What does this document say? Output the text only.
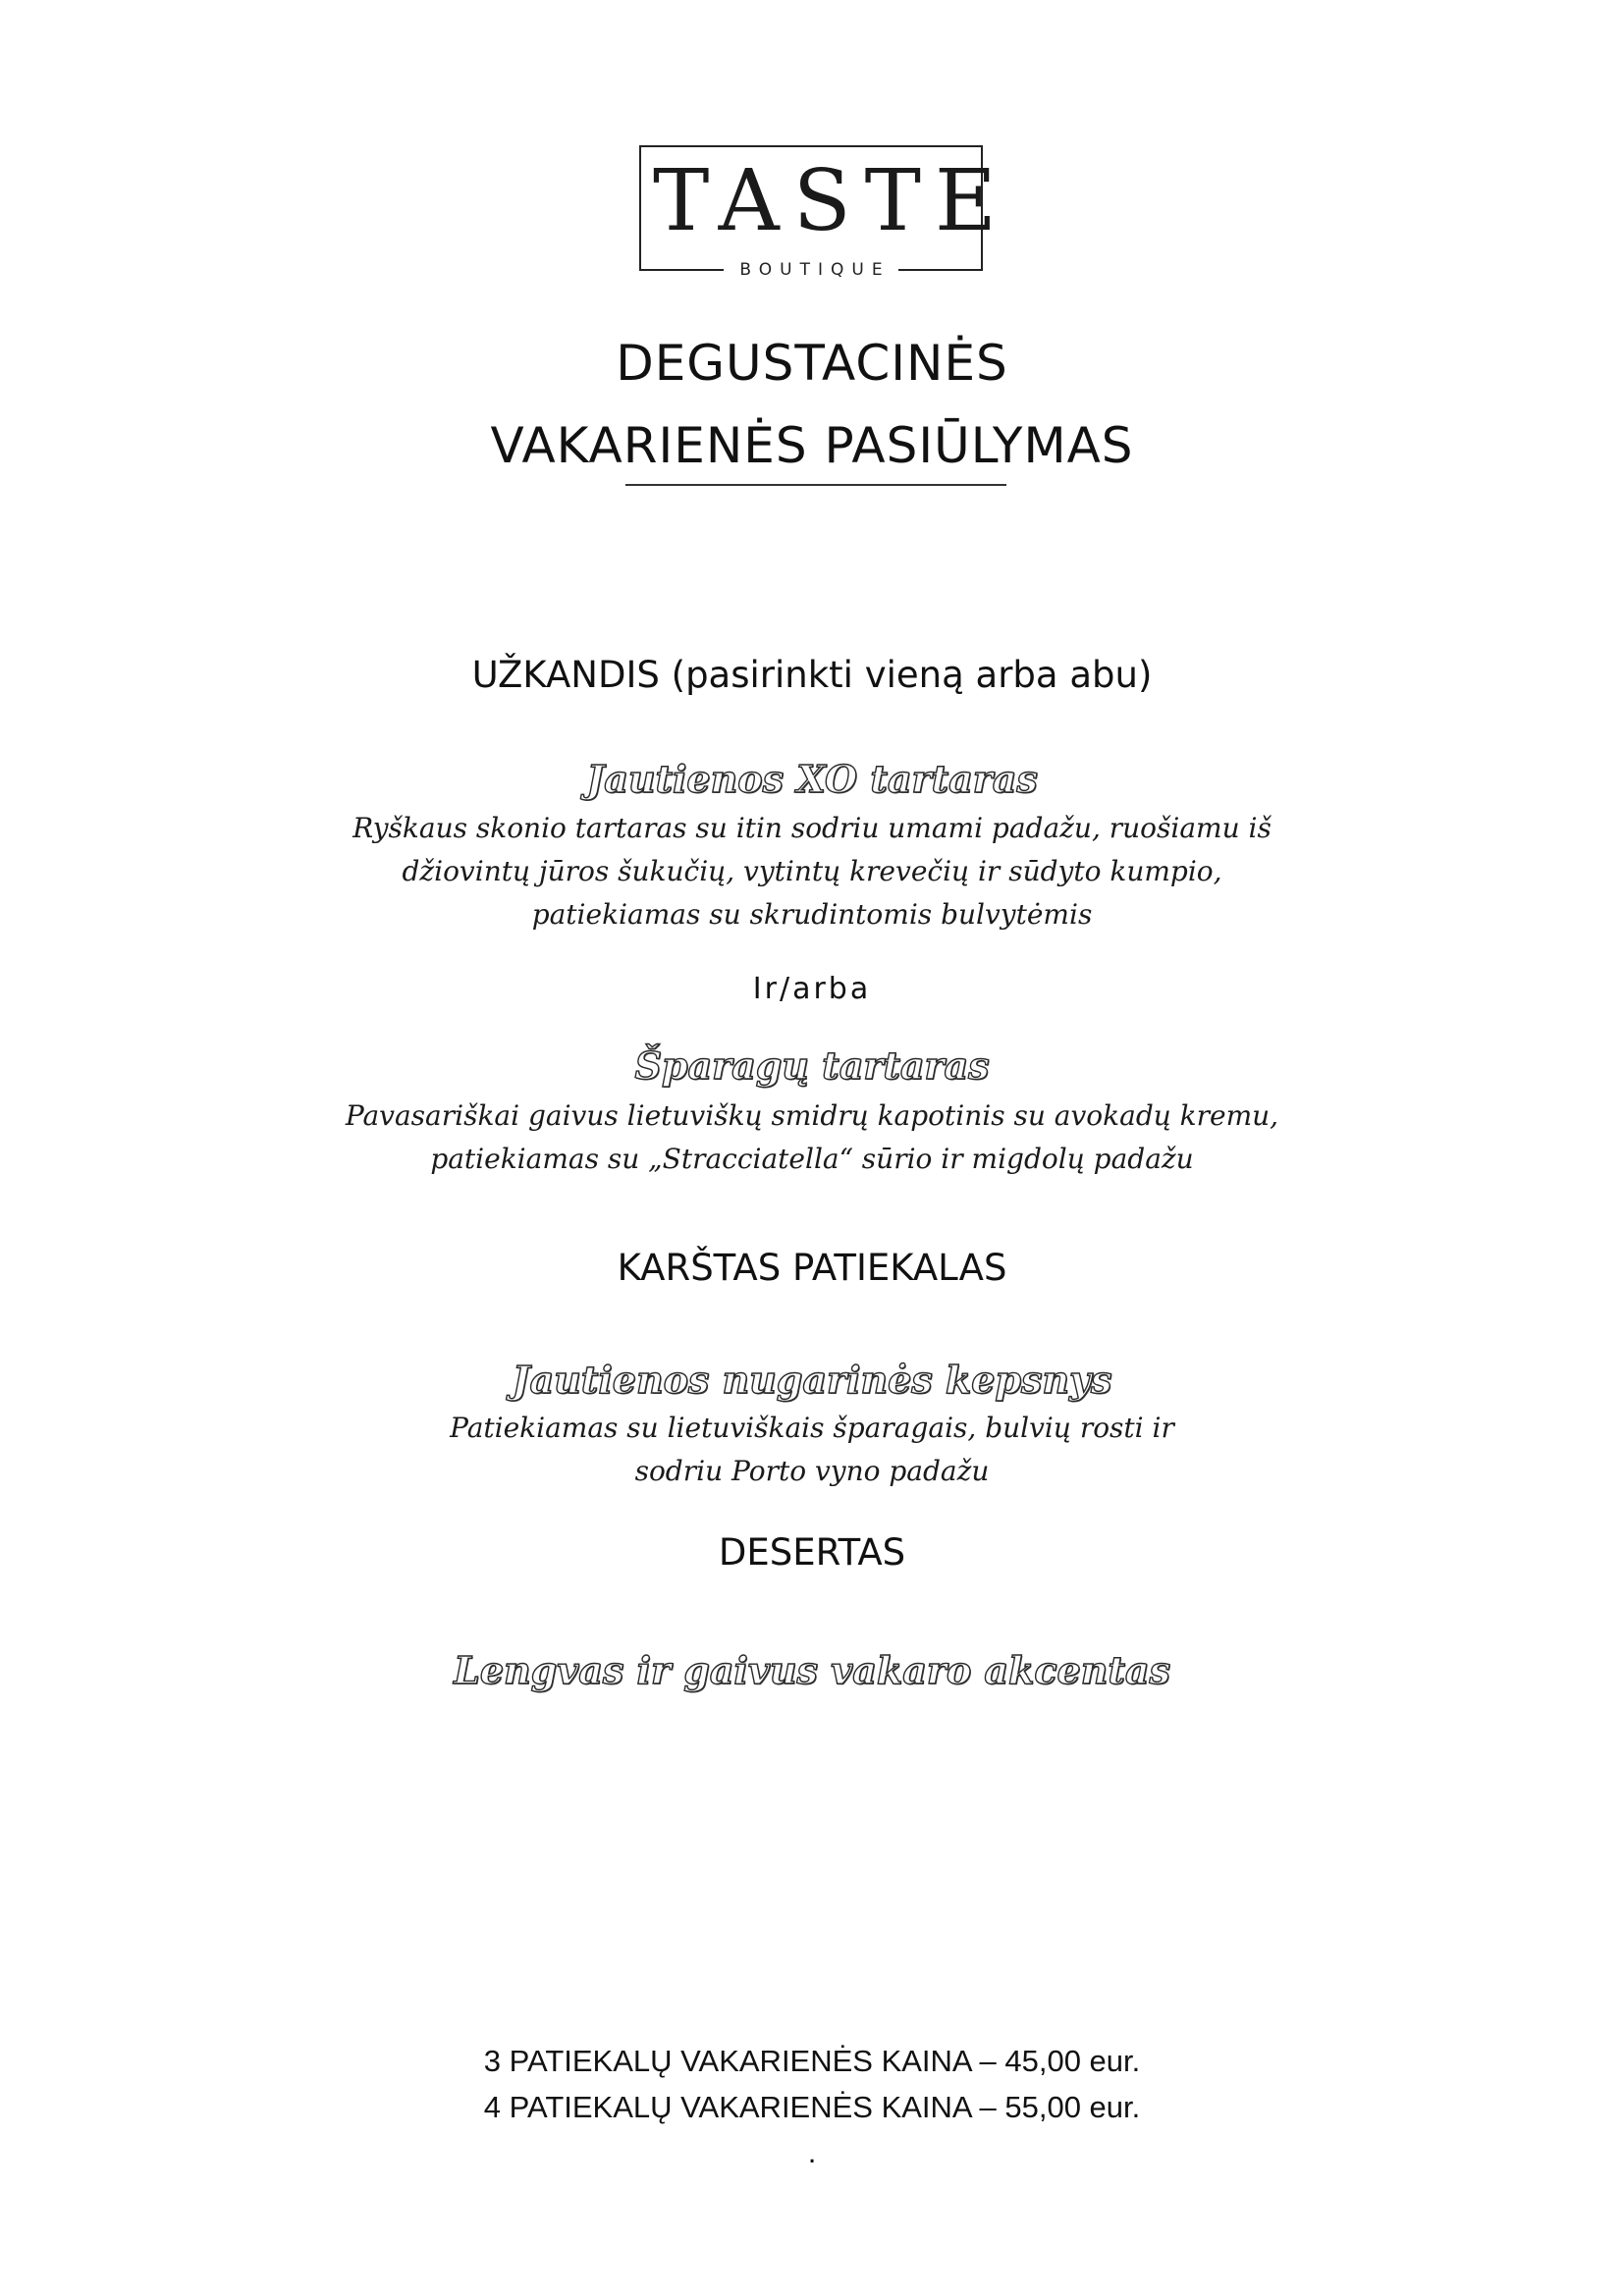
TASTE
BOUTIQUE
DEGUSTACINĖS
VAKARIENĖS PASIŪLYMAS
UŽKANDIS (pasirinkti vieną arba abu)
Jautienos XO tartaras
Ryškaus skonio tartaras su itin sodriu umami padažu, ruošiamu iš
džiovintų jūros šukučių, vytintų krevečių ir sūdyto kumpio,
patiekiamas su skrudintomis bulvytėmis
Ir/arba
Šparagų tartaras
Pavasariškai gaivus lietuviškų smidrų kapotinis su avokadų kremu,
patiekiamas su „Stracciatella“ sūrio ir migdolų padažu
KARŠTAS PATIEKALAS
Jautienos nugarinės kepsnys
Patiekiamas su lietuviškais šparagais, bulvių rosti ir
sodriu Porto vyno padažu
DESERTAS
Lengvas ir gaivus vakaro akcentas
3 PATIEKALŲ VAKARIENĖS KAINA – 45,00 eur.
4 PATIEKALŲ VAKARIENĖS KAINA – 55,00 eur.
.
